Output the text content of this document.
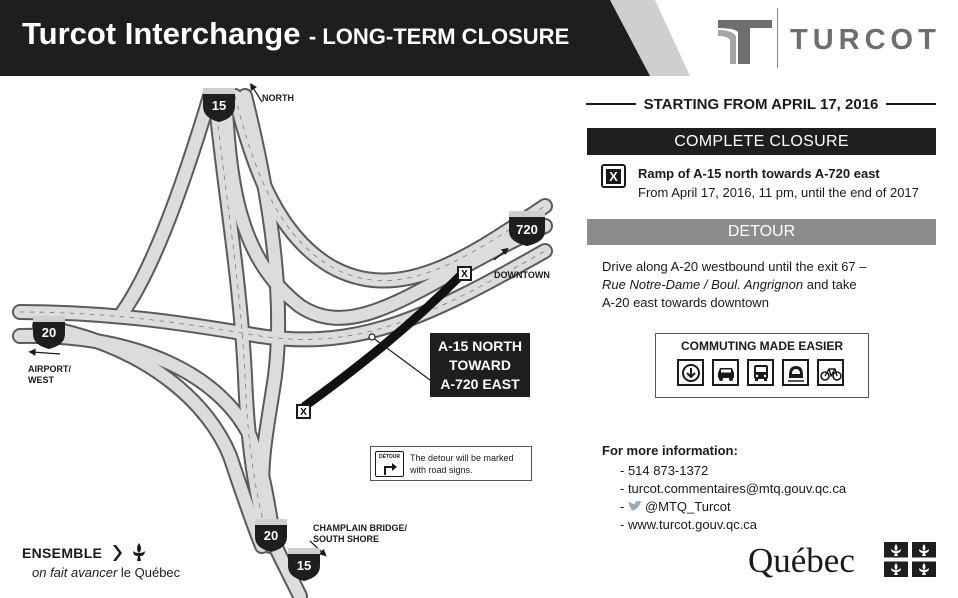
Turcot Interchange - LONG-TERM CLOSURE	TURCOT
X
X
15
720
20
20
15
NORTH
DOWNTOWN
AIRPORT/
WEST
CHAMPLAIN BRIDGE/
SOUTH SHORE
A-15 NORTH
TOWARD
A-720 EAST
DÉTOUR	The detour will be marked
with road signs.
STARTING FROM APRIL 17, 2016
COMPLETE CLOSURE
X Ramp of A-15 north towards A-720 east
From April 17, 2016, 11 pm, until the end of 2017
DETOUR
Drive along A-20 westbound until the exit 67 –
Rue Notre-Dame / Boul. Angrignon and take
A-20 east towards downtown
COMMUTING MADE EASIER
For more information:
- 514 873-1372
- turcot.commentaires@mtq.gouv.qc.ca
- @MTQ_Turcot
- www.turcot.gouv.qc.ca
ENSEMBLE
on fait avancer le Québec	Québec
